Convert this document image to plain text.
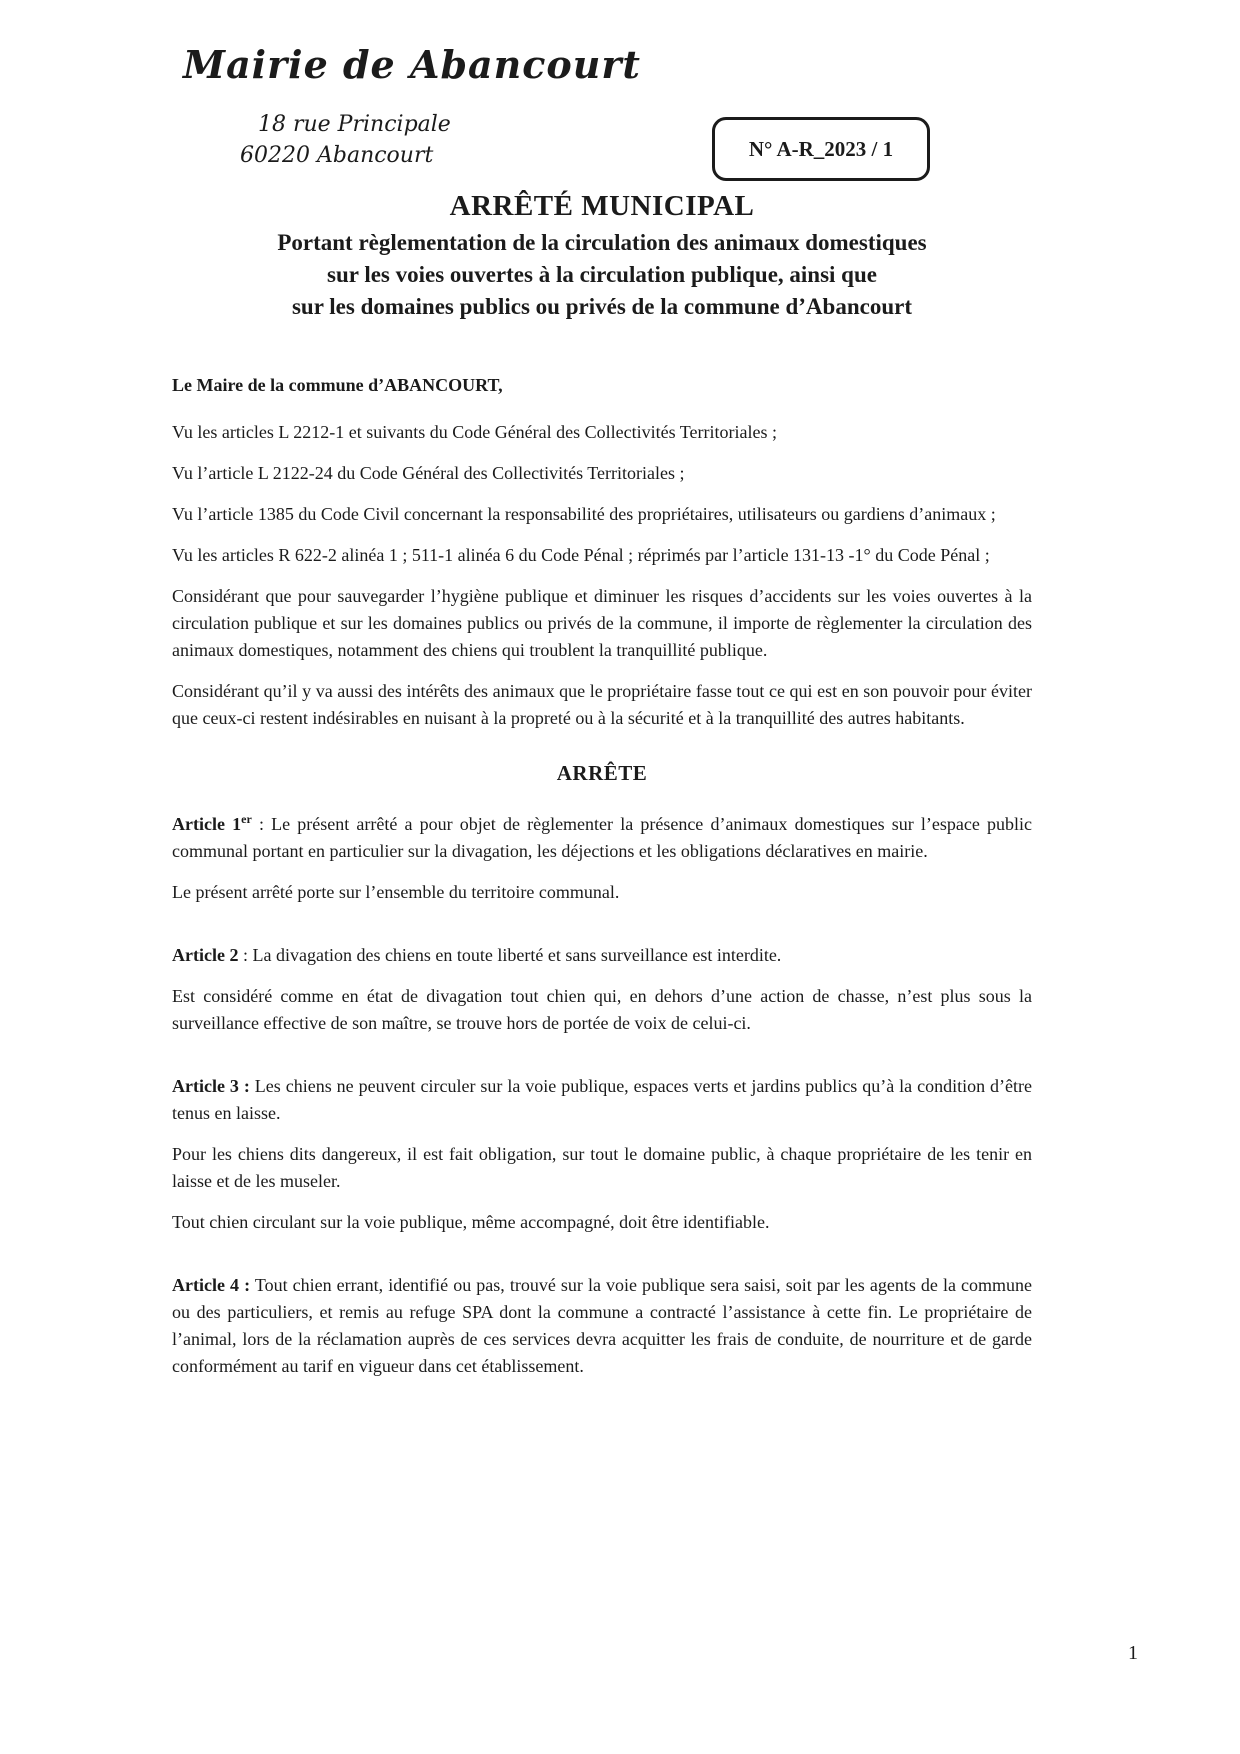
Mairie de Abancourt
18 rue Principale
60220 Abancourt	N° A-R_2023 / 1
ARRÊTÉ MUNICIPAL
Portant règlementation de la circulation des animaux domestiques
sur les voies ouvertes à la circulation publique, ainsi que
sur les domaines publics ou privés de la commune d’Abancourt

Le Maire de la commune d’ABANCOURT,

Vu les articles L 2212-1 et suivants du Code Général des Collectivités Territoriales ;

Vu l’article L 2122-24 du Code Général des Collectivités Territoriales ;

Vu l’article 1385 du Code Civil concernant la responsabilité des propriétaires, utilisateurs ou gardiens d’animaux ;

Vu les articles R 622-2 alinéa 1 ; 511-1 alinéa 6 du Code Pénal ; réprimés par l’article 131-13 -1° du Code Pénal ;

Considérant que pour sauvegarder l’hygiène publique et diminuer les risques d’accidents sur les voies ouvertes à la circulation publique et sur les domaines publics ou privés de la commune, il importe de règlementer la circulation des animaux domestiques, notamment des chiens qui troublent la tranquillité publique.

Considérant qu’il y va aussi des intérêts des animaux que le propriétaire fasse tout ce qui est en son pouvoir pour éviter que ceux-ci restent indésirables en nuisant à la propreté ou à la sécurité et à la tranquillité des autres habitants.

ARRÊTE

Article 1er : Le présent arrêté a pour objet de règlementer la présence d’animaux domestiques sur l’espace public communal portant en particulier sur la divagation, les déjections et les obligations déclaratives en mairie.

Le présent arrêté porte sur l’ensemble du territoire communal.

Article 2 : La divagation des chiens en toute liberté et sans surveillance est interdite.

Est considéré comme en état de divagation tout chien qui, en dehors d’une action de chasse, n’est plus sous la surveillance effective de son maître, se trouve hors de portée de voix de celui-ci.

Article 3 : Les chiens ne peuvent circuler sur la voie publique, espaces verts et jardins publics qu’à la condition d’être tenus en laisse.

Pour les chiens dits dangereux, il est fait obligation, sur tout le domaine public, à chaque propriétaire de les tenir en laisse et de les museler.

Tout chien circulant sur la voie publique, même accompagné, doit être identifiable.

Article 4 : Tout chien errant, identifié ou pas, trouvé sur la voie publique sera saisi, soit par les agents de la commune ou des particuliers, et remis au refuge SPA dont la commune a contracté l’assistance à cette fin. Le propriétaire de l’animal, lors de la réclamation auprès de ces services devra acquitter les frais de conduite, de nourriture et de garde conformément au tarif en vigueur dans cet établissement.

1
